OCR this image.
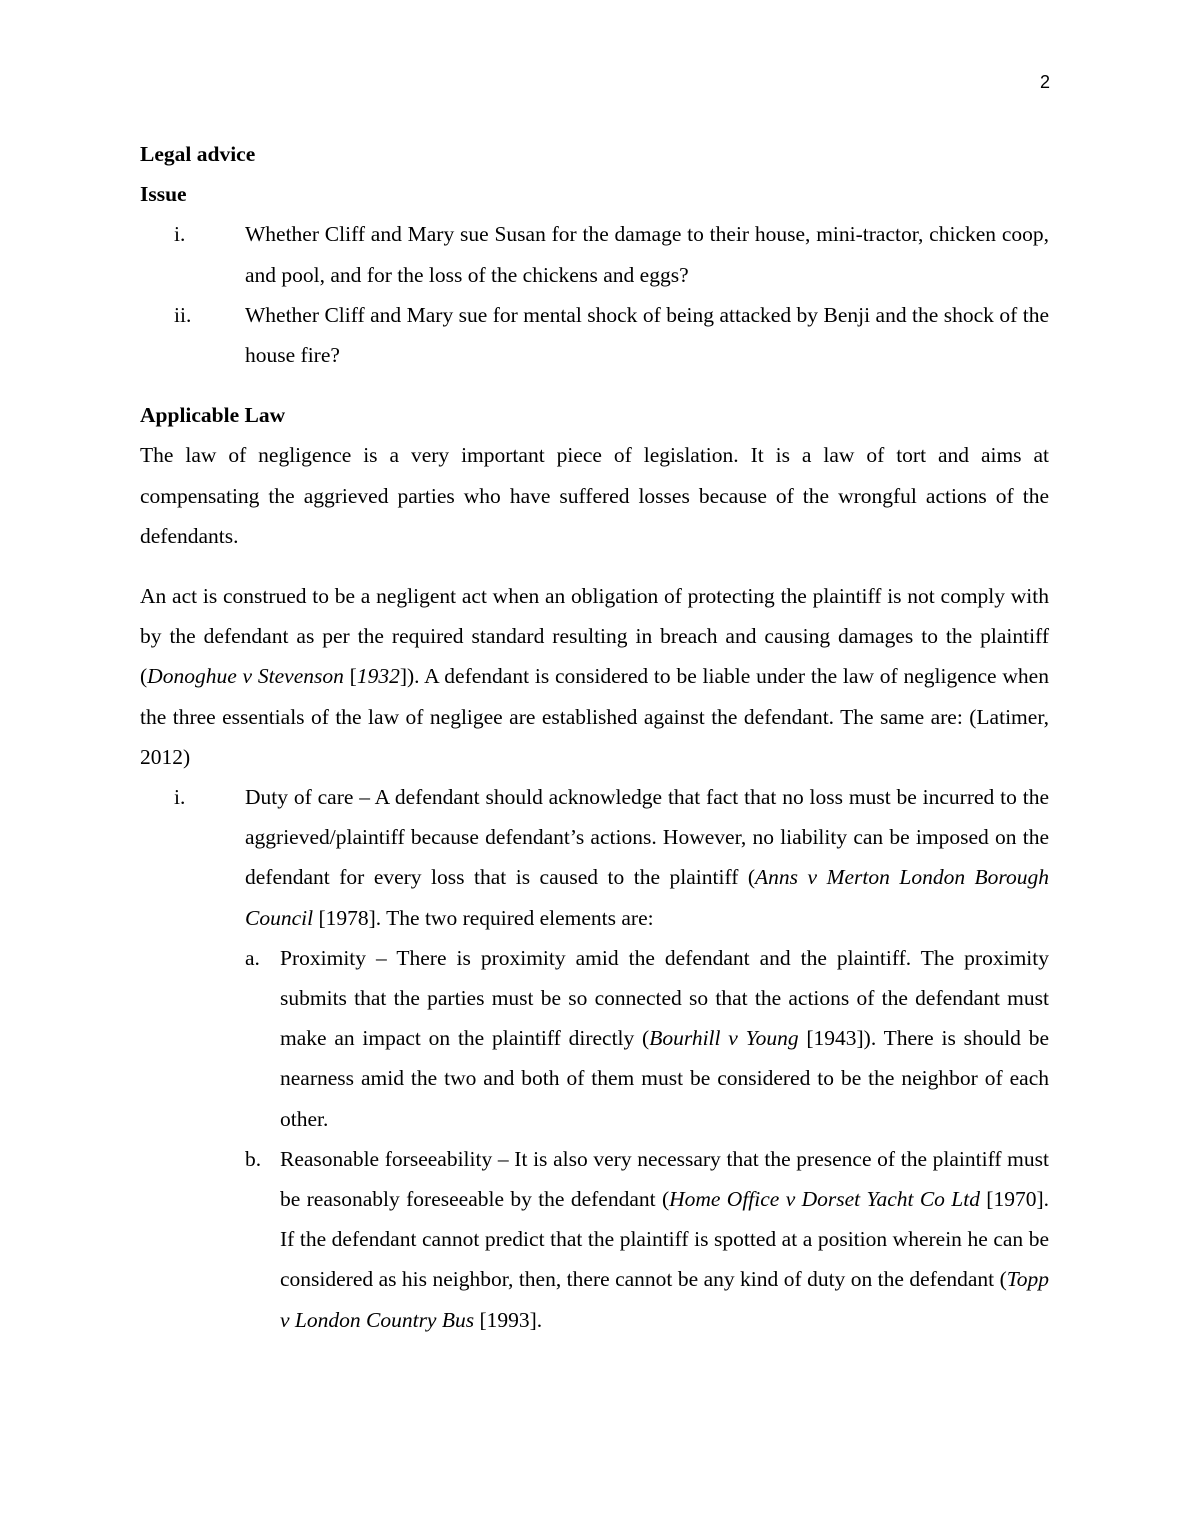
2
Legal advice
Issue
i.	Whether Cliff and Mary sue Susan for the damage to their house, mini-tractor, chicken coop, and pool, and for the loss of the chickens and eggs?
ii. Whether Cliff and Mary sue for mental shock of being attacked by Benji and the shock of the house fire?
Applicable Law

The law of negligence is a very important piece of legislation. It is a law of tort and aims at compensating the aggrieved parties who have suffered losses because of the wrongful actions of the defendants.

An act is construed to be a negligent act when an obligation of protecting the plaintiff is not comply with by the defendant as per the required standard resulting in breach and causing damages to the plaintiff (Donoghue v Stevenson [1932]). A defendant is considered to be liable under the law of negligence when the three essentials of the law of negligee are established against the defendant. The same are: (Latimer, 2012)

i.	Duty of care – A defendant should acknowledge that fact that no loss must be incurred to the aggrieved/plaintiff because defendant’s actions. However, no liability can be imposed on the defendant for every loss that is caused to the plaintiff (Anns v Merton London Borough Council [1978]. The two required elements are:
a. Proximity – There is proximity amid the defendant and the plaintiff. The proximity submits that the parties must be so connected so that the actions of the defendant must make an impact on the plaintiff directly (Bourhill v Young [1943]). There is should be nearness amid the two and both of them must be considered to be the neighbor of each other.
b. Reasonable forseeability – It is also very necessary that the presence of the plaintiff must be reasonably foreseeable by the defendant (Home Office v Dorset Yacht Co Ltd [1970]. If the defendant cannot predict that the plaintiff is spotted at a position wherein he can be considered as his neighbor, then, there cannot be any kind of duty on the defendant (Topp v London Country Bus [1993].
